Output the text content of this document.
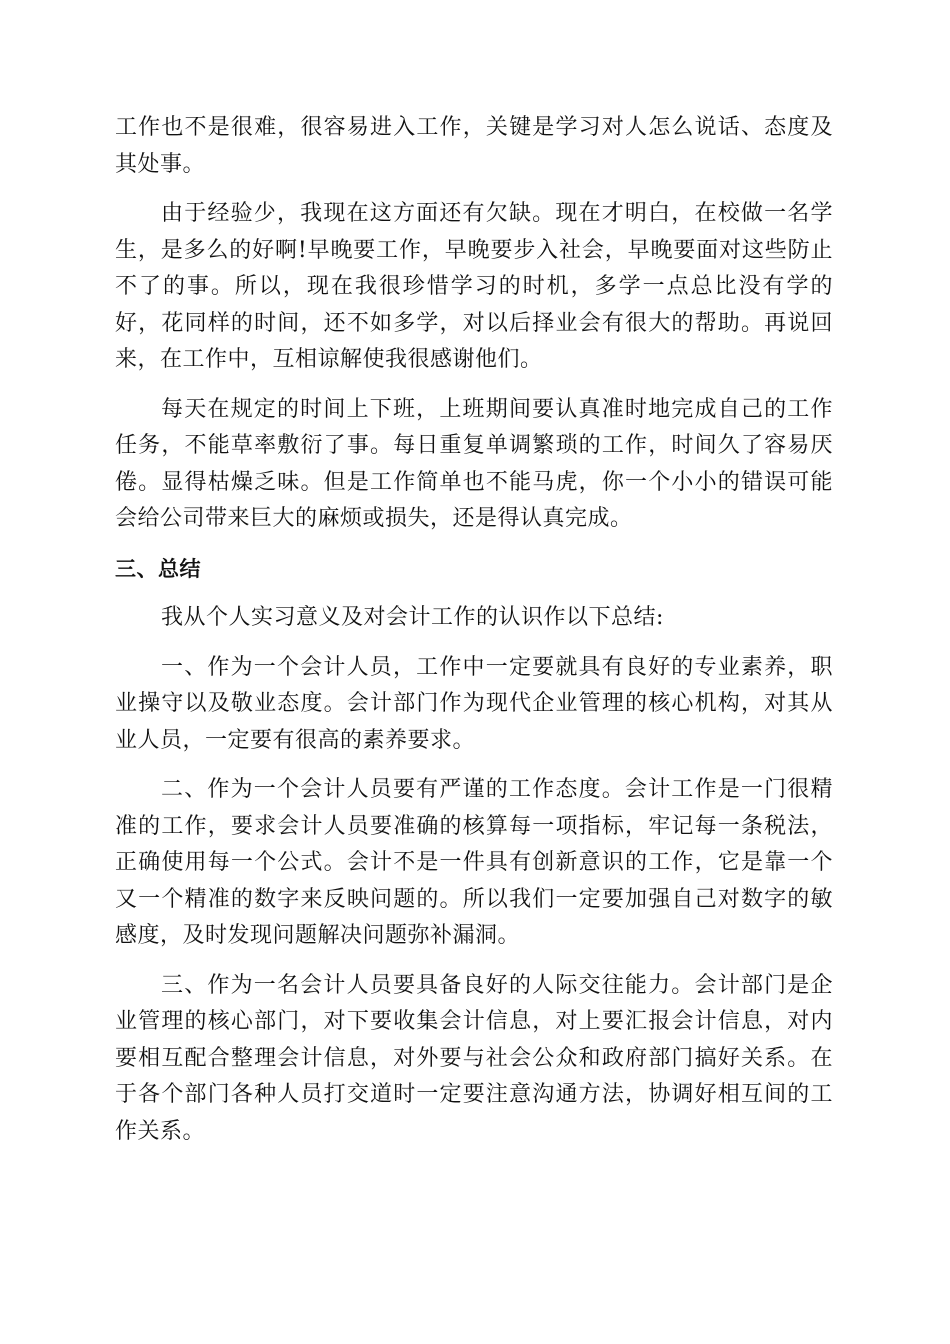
工作也不是很难，很容易进入工作，关键是学习对人怎么说话、态度及其处事。

由于经验少，我现在这方面还有欠缺。现在才明白，在校做一名学生，是多么的好啊!早晚要工作，早晚要步入社会，早晚要面对这些防止不了的事。所以，现在我很珍惜学习的时机，多学一点总比没有学的好，花同样的时间，还不如多学，对以后择业会有很大的帮助。再说回来，在工作中，互相谅解使我很感谢他们。

每天在规定的时间上下班，上班期间要认真准时地完成自己的工作任务，不能草率敷衍了事。每日重复单调繁琐的工作，时间久了容易厌倦。显得枯燥乏味。但是工作简单也不能马虎，你一个小小的错误可能会给公司带来巨大的麻烦或损失，还是得认真完成。

三、总结

我从个人实习意义及对会计工作的认识作以下总结:

一、作为一个会计人员，工作中一定要就具有良好的专业素养，职业操守以及敬业态度。会计部门作为现代企业管理的核心机构，对其从业人员，一定要有很高的素养要求。

二、作为一个会计人员要有严谨的工作态度。会计工作是一门很精准的工作，要求会计人员要准确的核算每一项指标，牢记每一条税法，正确使用每一个公式。会计不是一件具有创新意识的工作，它是靠一个又一个精准的数字来反映问题的。所以我们一定要加强自己对数字的敏感度，及时发现问题解决问题弥补漏洞。

三、作为一名会计人员要具备良好的人际交往能力。会计部门是企业管理的核心部门，对下要收集会计信息，对上要汇报会计信息，对内要相互配合整理会计信息，对外要与社会公众和政府部门搞好关系。在于各个部门各种人员打交道时一定要注意沟通方法，协调好相互间的工作关系。
